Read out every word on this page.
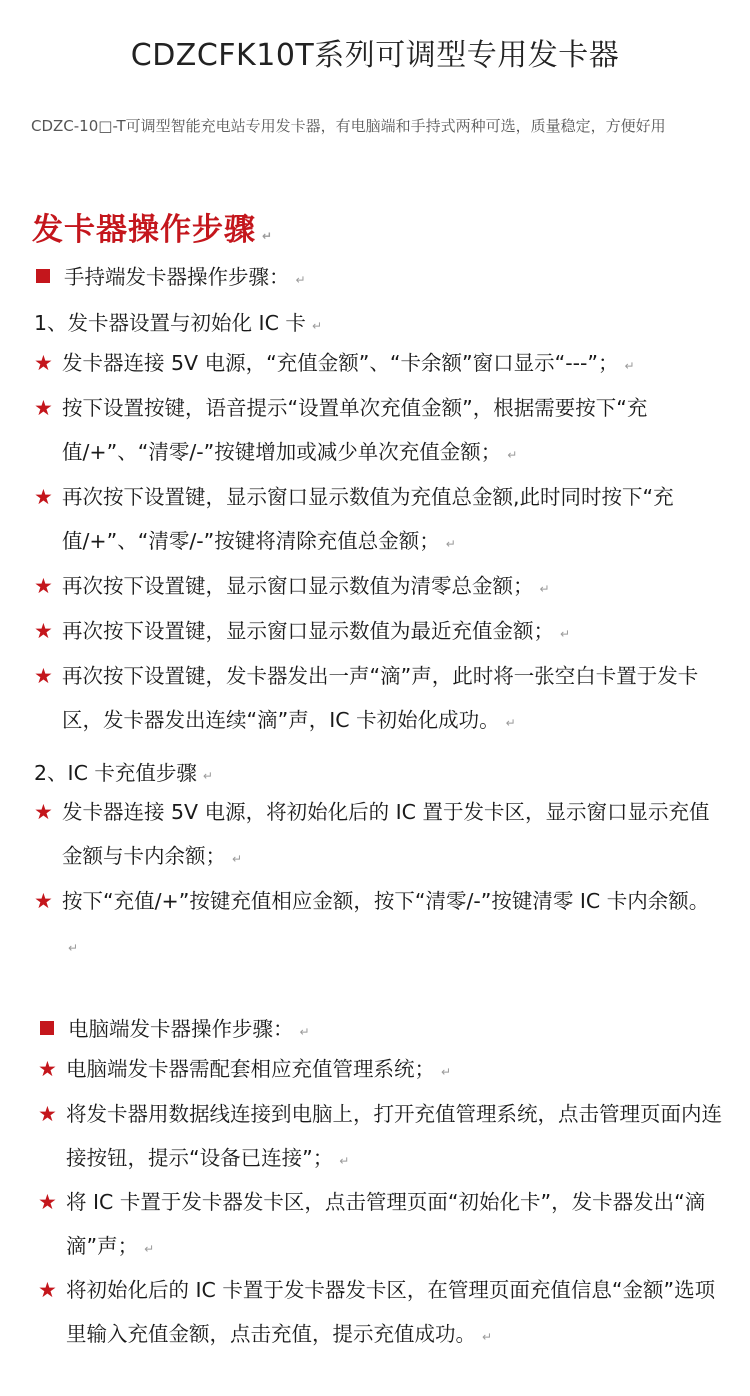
CDZCFK10T系列可调型专用发卡器
CDZC-10□-T可调型智能充电站专用发卡器，有电脑端和手持式两种可选，质量稳定，方便好用
发卡器操作步骤 ↵
手持端发卡器操作步骤： ↵
1、发卡器设置与初始化 IC 卡 ↵
★ 发卡器连接 5V 电源，“充值金额”、“卡余额”窗口显示“---”； ↵
★ 按下设置按键，语音提示“设置单次充值金额”，根据需要按下“充值/+”、“清零/-”按键增加或减少单次充值金额； ↵
★ 再次按下设置键，显示窗口显示数值为充值总金额,此时同时按下“充值/+”、“清零/-”按键将清除充值总金额； ↵
★ 再次按下设置键，显示窗口显示数值为清零总金额； ↵
★ 再次按下设置键，显示窗口显示数值为最近充值金额； ↵
★ 再次按下设置键，发卡器发出一声“滴”声，此时将一张空白卡置于发卡区，发卡器发出连续“滴”声，IC 卡初始化成功。 ↵
2、IC 卡充值步骤 ↵
★ 发卡器连接 5V 电源，将初始化后的 IC 置于发卡区，显示窗口显示充值金额与卡内余额； ↵
★ 按下“充值/+”按键充值相应金额，按下“清零/-”按键清零 IC 卡内余额。↵
电脑端发卡器操作步骤： ↵
★ 电脑端发卡器需配套相应充值管理系统； ↵
★ 将发卡器用数据线连接到电脑上，打开充值管理系统，点击管理页面内连接按钮，提示“设备已连接”； ↵
★ 将 IC 卡置于发卡器发卡区，点击管理页面“初始化卡”，发卡器发出“滴滴”声； ↵
★ 将初始化后的 IC 卡置于发卡器发卡区，在管理页面充值信息“金额”选项里输入充值金额，点击充值，提示充值成功。 ↵
